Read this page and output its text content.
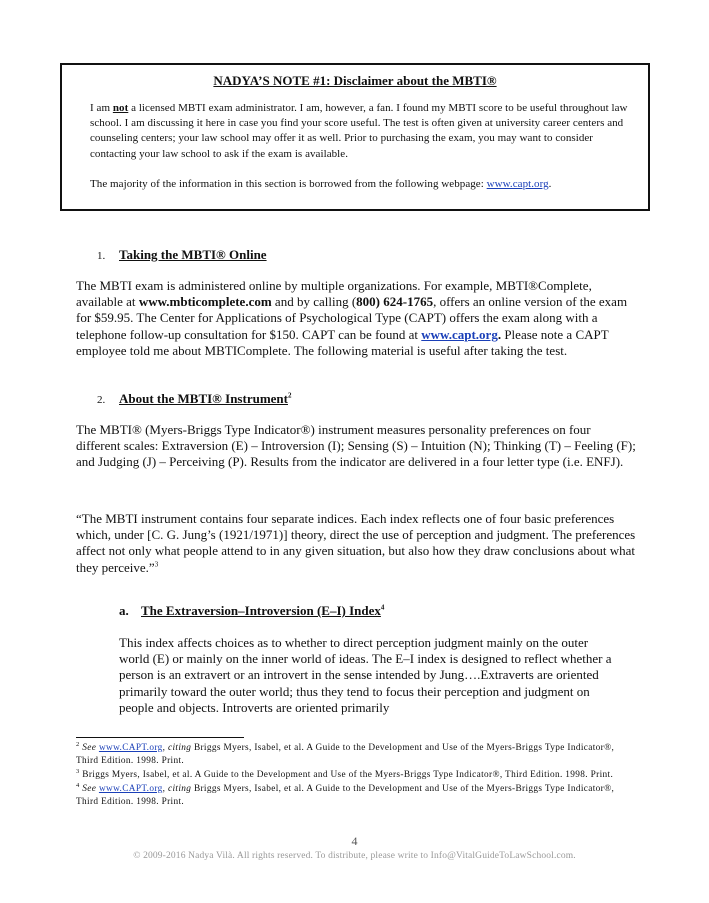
NADYA’S NOTE #1: Disclaimer about the MBTI®

I am not a licensed MBTI exam administrator. I am, however, a fan. I found my MBTI score to be useful throughout law school. I am discussing it here in case you find your score useful. The test is often given at university career centers and counseling centers; your law school may offer it as well. Prior to purchasing the exam, you may want to consider contacting your law school to ask if the exam is available.

The majority of the information in this section is borrowed from the following webpage: www.capt.org.

1. Taking the MBTI® Online

The MBTI exam is administered online by multiple organizations. For example, MBTI®Complete, available at www.mbticomplete.com and by calling (800) 624-1765, offers an online version of the exam for $59.95. The Center for Applications of Psychological Type (CAPT) offers the exam along with a telephone follow-up consultation for $150. CAPT can be found at www.capt.org. Please note a CAPT employee told me about MBTIComplete. The following material is useful after taking the test.

2. About the MBTI® Instrument$^2$

The MBTI® (Myers-Briggs Type Indicator®) instrument measures personality preferences on four different scales: Extraversion (E) – Introversion (I); Sensing (S) – Intuition (N); Thinking (T) – Feeling (F); and Judging (J) – Perceiving (P). Results from the indicator are delivered in a four letter type (i.e. ENFJ).

“The MBTI instrument contains four separate indices. Each index reflects one of four basic preferences which, under [C. G. Jung’s (1921/1971)] theory, direct the use of perception and judgment. The preferences affect not only what people attend to in any given situation, but also how they draw conclusions about what they perceive.”$^3$

a. The Extraversion–Introversion (E–I) Index$^4$

This index affects choices as to whether to direct perception judgment mainly on the outer world (E) or mainly on the inner world of ideas. The E–I index is designed to reflect whether a person is an extravert or an introvert in the sense intended by Jung….Extraverts are oriented primarily toward the outer world; thus they tend to focus their perception and judgment on people and objects. Introverts are oriented primarily

$^2$ See www.CAPT.org, citing Briggs Myers, Isabel, et al. A Guide to the Development and Use of the Myers-Briggs Type Indicator®, Third Edition. 1998. Print.

$^3$ Briggs Myers, Isabel, et al. A Guide to the Development and Use of the Myers-Briggs Type Indicator®, Third Edition. 1998. Print.

$^4$ See www.CAPT.org, citing Briggs Myers, Isabel, et al. A Guide to the Development and Use of the Myers-Briggs Type Indicator®, Third Edition. 1998. Print.

4
© 2009-2016 Nadya Vilà. All rights reserved. To distribute, please write to Info@VitalGuideToLawSchool.com.
